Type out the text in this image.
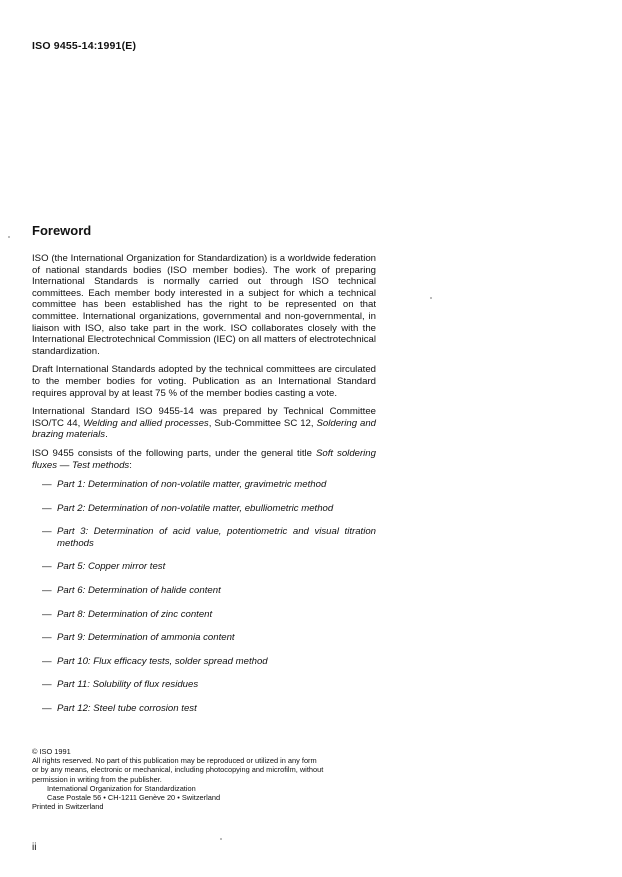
ISO 9455-14:1991(E)
Foreword

ISO (the International Organization for Standardization) is a worldwide federation of national standards bodies (ISO member bodies). The work of preparing International Standards is normally carried out through ISO technical committees. Each member body interested in a subject for which a technical committee has been established has the right to be represented on that committee. International organizations, governmental and non-governmental, in liaison with ISO, also take part in the work. ISO collaborates closely with the International Electrotechnical Commission (IEC) on all matters of electrotechnical standardization.

Draft International Standards adopted by the technical committees are circulated to the member bodies for voting. Publication as an International Standard requires approval by at least 75 % of the member bodies casting a vote.

International Standard ISO 9455-14 was prepared by Technical Committee ISO/TC 44, Welding and allied processes, Sub-Committee SC 12, Soldering and brazing materials.

ISO 9455 consists of the following parts, under the general title Soft soldering fluxes — Test methods:

— Part 1: Determination of non-volatile matter, gravimetric method
— Part 2: Determination of non-volatile matter, ebulliometric method
— Part 3: Determination of acid value, potentiometric and visual titration methods
— Part 5: Copper mirror test
— Part 6: Determination of halide content
— Part 8: Determination of zinc content
— Part 9: Determination of ammonia content
— Part 10: Flux efficacy tests, solder spread method
— Part 11: Solubility of flux residues
— Part 12: Steel tube corrosion test
© ISO 1991
All rights reserved. No part of this publication may be reproduced or utilized in any form
or by any means, electronic or mechanical, including photocopying and microfilm, without
permission in writing from the publisher.
International Organization for Standardization
Case Postale 56 • CH-1211 Genève 20 • Switzerland
Printed in Switzerland
ii
